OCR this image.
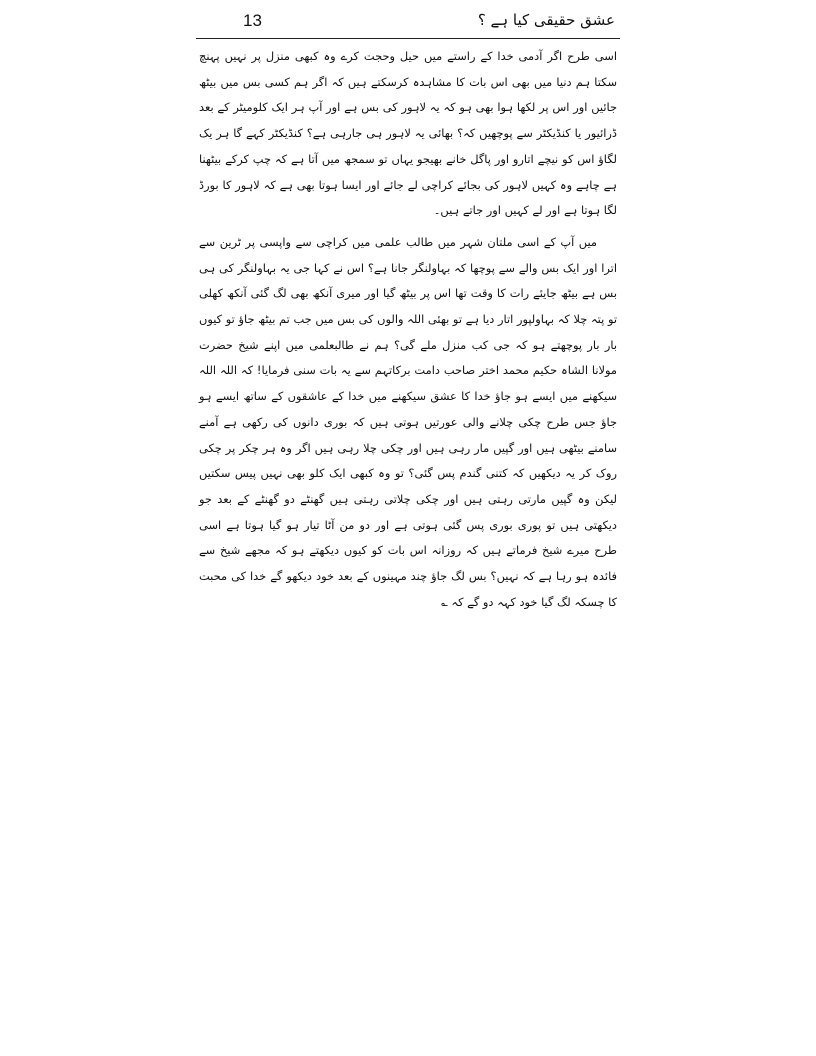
13	عشق حقیقی کیا ہے ؟

اسی طرح اگر آدمی خدا کے راستے میں حیل وحجت کرے وہ کبھی منزل پر نہیں پہنچ سکتا ہم دنیا میں بھی اس بات کا مشاہدہ کرسکتے ہیں کہ اگر ہم کسی بس میں بیٹھ جائیں اور اس پر لکھا ہوا بھی ہو کہ یہ لاہور کی بس ہے اور آپ ہر ایک کلومیٹر کے بعد ڈرائیور یا کنڈیکٹر سے پوچھیں کہ؟ بھائی یہ لاہور ہی جارہی ہے؟ کنڈیکٹر کہے گا ہر یک لگاؤ اس کو نیچے اتارو اور پاگل خانے بھیجو یہاں تو سمجھ میں آتا ہے کہ چپ کرکے بیٹھنا ہے چاہے وہ کہیں لاہور کی بجائے کراچی لے جائے اور ایسا ہوتا بھی ہے کہ لاہور کا بورڈ لگا ہوتا ہے اور لے کہیں اور جاتے ہیں۔

میں آپ کے اسی ملتان شہر میں طالب علمی میں کراچی سے واپسی پر ٹرین سے اترا اور ایک بس والے سے پوچھا کہ بہاولنگر جانا ہے؟ اس نے کہا جی یہ بہاولنگر کی ہی بس ہے بیٹھ جایئے رات کا وقت تھا اس پر بیٹھ گیا اور میری آنکھ بھی لگ گئی آنکھ کھلی تو پتہ چلا کہ بہاولپور اتار دیا ہے تو بھئی اللہ والوں کی بس میں جب تم بیٹھ جاؤ تو کیوں بار بار پوچھتے ہو کہ جی کب منزل ملے گی؟ ہم نے طالبعلمی میں اپنے شیخ حضرت مولانا الشاہ حکیم محمد اختر صاحب دامت برکاتہم سے یہ بات سنی فرمایا! کہ اللہ اللہ سیکھنے میں ایسے ہو جاؤ خدا کا عشق سیکھنے میں خدا کے عاشقوں کے ساتھ ایسے ہو جاؤ جس طرح چکی چلانے والی عورتیں ہوتی ہیں کہ بوری دانوں کی رکھی ہے آمنے سامنے بیٹھی ہیں اور گپیں مار رہی ہیں اور چکی چلا رہی ہیں اگر وہ ہر چکر پر چکی روک کر یہ دیکھیں کہ کتنی گندم پس گئی؟ تو وہ کبھی ایک کلو بھی نہیں پیس سکتیں لیکن وہ گپیں مارتی رہتی ہیں اور چکی چلاتی رہتی ہیں گھنٹے دو گھنٹے کے بعد جو دیکھتی ہیں تو پوری بوری پس گئی ہوتی ہے اور دو من آٹا تیار ہو گیا ہوتا ہے اسی طرح میرے شیخ فرماتے ہیں کہ روزانہ اس بات کو کیوں دیکھتے ہو کہ مجھے شیخ سے فائدہ ہو رہا ہے کہ نہیں؟ بس لگ جاؤ چند مہینوں کے بعد خود دیکھو گے خدا کی محبت کا چسکہ لگ گیا خود کہہ دو گے کہ ؎
